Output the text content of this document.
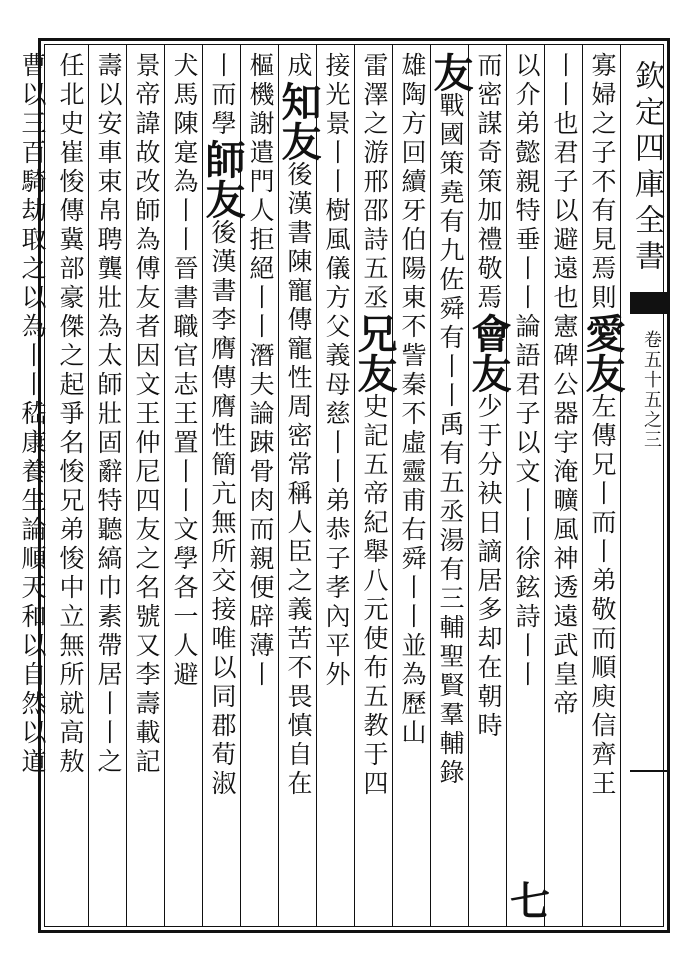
欽定四庫全書
卷五十五之三
寡婦之子不有見焉則愛友左傳兄丨而丨弟敬而順庾信齊王
丨丨也君子以避遠也憲碑公器宇淹曠風神透遠武皇帝
以介弟懿親特垂丨丨論語君子以文丨丨徐鉉詩丨丨
而密謀奇策加禮敬焉會友少于分袂日謫居多却在朝時
友戰國策堯有九佐舜有丨丨禹有五丞湯有三輔聖賢羣輔錄
雄陶方回續牙伯陽東不訾秦不虛靈甫右舜丨丨並為歷山
雷澤之游邢邵詩五丞兄友史記五帝紀舉八元使布五教于四
接光景丨丨樹風儀方父義母慈丨丨弟恭子孝內平外
成知友後漢書陳寵傳寵性周密常稱人臣之義苦不畏慎自在
樞機謝遣門人拒絕丨丨潛夫論踈骨肉而親便辟薄丨
丨而學師友後漢書李膺傳膺性簡亢無所交接唯以同郡荀淑
犬馬陳寔為丨丨晉書職官志王置丨丨文學各一人避
景帝諱故改師為傅友者因文王仲尼四友之名號又李壽載記
壽以安車束帛聘龔壯為太師壯固辭特聽縞巾素帶居丨丨之
任北史崔悛傳冀部豪傑之起爭名悛兄弟悛中立無所就高敖
曹以三百騎劫取之以為丨丨嵇康養生論順天和以自然以道
七
